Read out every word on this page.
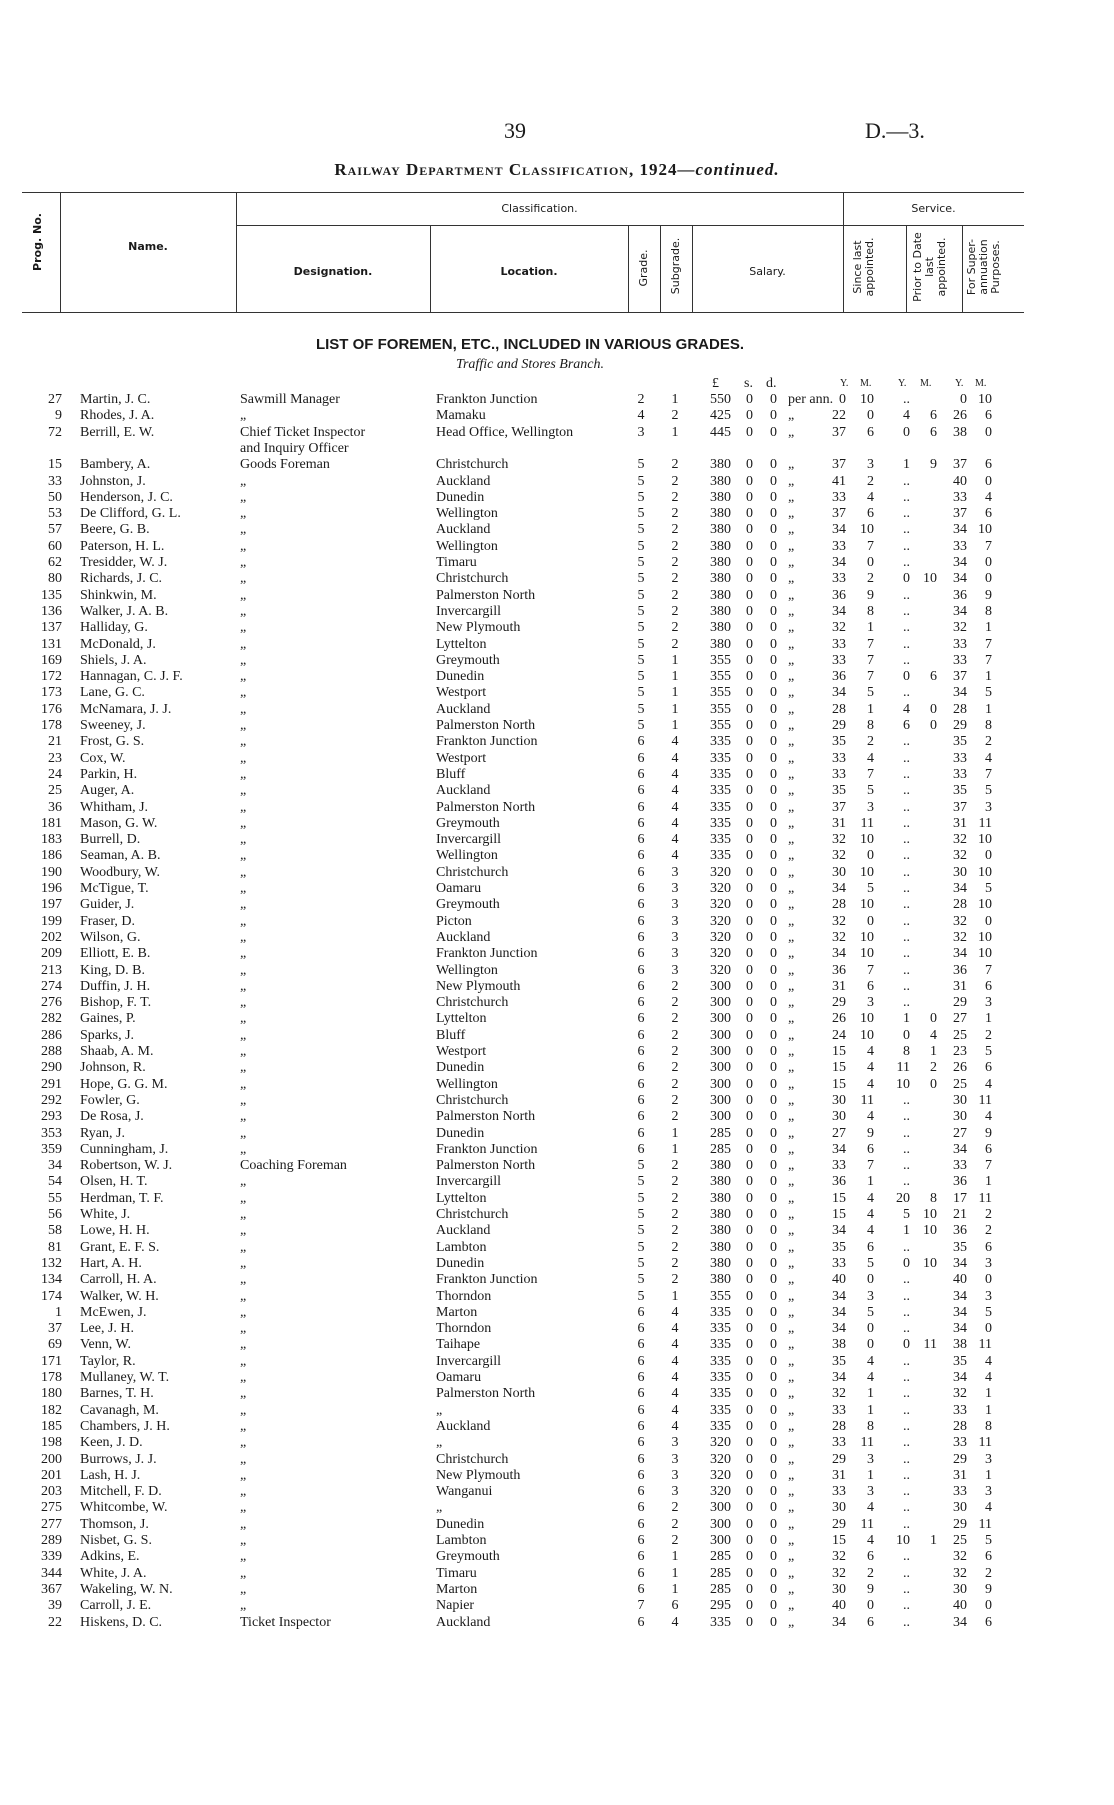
39	D.—3.
Railway Department Classification, 1924—continued.
Prog. No.	Name.
Classification.
Designation.	Location.	Grade. Subgrade.	Salary.
Service.
Since last appointed.	Prior to Date last appointed. For Super-annuation Purposes.
LIST OF FOREMEN, ETC., INCLUDED IN VARIOUS GRADES.
Traffic and Stores Branch.
£ s. d.	Y. M.	Y. M. Y. M.
27 Martin, J. C.	Sawmill Manager	Frankton Junction	2 1	550	0	0 per ann. 0	10	..	0 10
9 Rhodes, J. A.	„	Mamaku	4 2	425	0	0 „	22	0	4	6	26	6
72 Berrill, E. W.	Chief Ticket Inspector	Head Office, Wellington	3 1	445	0	0 „	37	6	0	6	38	0
and Inquiry Officer
15 Bambery, A.	Goods Foreman	Christchurch	5 2	380	0	0 „	37	3	1	9	37	6
33 Johnston, J.	„	Auckland	5 2	380	0	0 „	41	2	..	40	0
50 Henderson, J. C.	„	Dunedin	5 2	380	0	0 „	33	4	..	33	4
53 De Clifford, G. L.	„	Wellington	5 2	380	0	0 „	37	6	..	37	6
57 Beere, G. B.	„	Auckland	5 2	380	0	0 „	34	10	..	34 10
60 Paterson, H. L.	„	Wellington	5 2	380	0	0 „	33	7	..	33	7
62 Tresidder, W. J.	„	Timaru	5 2	380	0	0 „	34	0	..	34	0
80 Richards, J. C.	„	Christchurch	5 2	380	0	0 „	33	2	0 10	34	0
135 Shinkwin, M.	„	Palmerston North	5 2	380	0	0 „	36	9	..	36	9
136 Walker, J. A. B.	„	Invercargill	5 2	380	0	0 „	34	8	..	34	8
137 Halliday, G.	„	New Plymouth	5 2	380	0	0 „	32	1	..	32	1
131 McDonald, J.	„	Lyttelton	5 2	380	0	0 „	33	7	..	33	7
169 Shiels, J. A.	„	Greymouth	5 1	355	0	0 „	33	7	..	33	7
172 Hannagan, C. J. F.	„	Dunedin	5 1	355	0	0 „	36	7	0	6	37	1
173 Lane, G. C.	„	Westport	5 1	355	0	0 „	34	5	..	34	5
176 McNamara, J. J.	„	Auckland	5 1	355	0	0 „	28	1	4	0	28	1
178 Sweeney, J.	„	Palmerston North	5 1	355	0	0 „	29	8	6	0	29	8
21 Frost, G. S.	„	Frankton Junction	6 4	335	0	0 „	35	2	..	35	2
23 Cox, W.	„	Westport	6 4	335	0	0 „	33	4	..	33	4
24 Parkin, H.	„	Bluff	6 4	335	0	0 „	33	7	..	33	7
25 Auger, A.	„	Auckland	6 4	335	0	0 „	35	5	..	35	5
36 Whitham, J.	„	Palmerston North	6 4	335	0	0 „	37	3	..	37	3
181 Mason, G. W.	„	Greymouth	6 4	335	0	0 „	31	11	..	31 11
183 Burrell, D.	„	Invercargill	6 4	335	0	0 „	32	10	..	32 10
186 Seaman, A. B.	„	Wellington	6 4	335	0	0 „	32	0	..	32	0
190 Woodbury, W.	„	Christchurch	6 3	320	0	0 „	30	10	..	30 10
196 McTigue, T.	„	Oamaru	6 3	320	0	0 „	34	5	..	34	5
197 Guider, J.	„	Greymouth	6 3	320	0	0 „	28	10	..	28 10
199 Fraser, D.	„	Picton	6 3	320	0	0 „	32	0	..	32	0
202 Wilson, G.	„	Auckland	6 3	320	0	0 „	32	10	..	32 10
209 Elliott, E. B.	„	Frankton Junction	6 3	320	0	0 „	34	10	..	34 10
213 King, D. B.	„	Wellington	6 3	320	0	0 „	36	7	..	36	7
274 Duffin, J. H.	„	New Plymouth	6 2	300	0	0 „	31	6	..	31	6
276 Bishop, F. T.	„	Christchurch	6 2	300	0	0 „	29	3	..	29	3
282 Gaines, P.	„	Lyttelton	6 2	300	0	0 „	26	10	1	0	27	1
286 Sparks, J.	„	Bluff	6 2	300	0	0 „	24	10	0	4	25	2
288 Shaab, A. M.	„	Westport	6 2	300	0	0 „	15	4	8	1	23	5
290 Johnson, R.	„	Dunedin	6 2	300	0	0 „	15	4	11	2	26	6
291 Hope, G. G. M.	„	Wellington	6 2	300	0	0 „	15	4	10	0	25	4
292 Fowler, G.	„	Christchurch	6 2	300	0	0 „	30	11	..	30 11
293 De Rosa, J.	„	Palmerston North	6 2	300	0	0 „	30	4	..	30	4
353 Ryan, J.	„	Dunedin	6 1	285	0	0 „	27	9	..	27	9
359 Cunningham, J.	„	Frankton Junction	6 1	285	0	0 „	34	6	..	34	6
34 Robertson, W. J.	Coaching Foreman	Palmerston North	5 2	380	0	0 „	33	7	..	33	7
54 Olsen, H. T.	„	Invercargill	5 2	380	0	0 „	36	1	..	36	1
55 Herdman, T. F.	„	Lyttelton	5 2	380	0	0 „	15	4	20	8	17 11
56 White, J.	„	Christchurch	5 2	380	0	0 „	15	4	5 10	21	2
58 Lowe, H. H.	„	Auckland	5 2	380	0	0 „	34	4	1 10	36	2
81 Grant, E. F. S.	„	Lambton	5 2	380	0	0 „	35	6	..	35	6
132 Hart, A. H.	„	Dunedin	5 2	380	0	0 „	33	5	0 10	34	3
134 Carroll, H. A.	„	Frankton Junction	5 2	380	0	0 „	40	0	..	40	0
174 Walker, W. H.	„	Thorndon	5 1	355	0	0 „	34	3	..	34	3
1 McEwen, J.	„	Marton	6 4	335	0	0 „	34	5	..	34	5
37 Lee, J. H.	„	Thorndon	6 4	335	0	0 „	34	0	..	34	0
69 Venn, W.	„	Taihape	6 4	335	0	0 „	38	0	0 11	38 11
171 Taylor, R.	„	Invercargill	6 4	335	0	0 „	35	4	..	35	4
178 Mullaney, W. T.	„	Oamaru	6 4	335	0	0 „	34	4	..	34	4
180 Barnes, T. H.	„	Palmerston North	6 4	335	0	0 „	32	1	..	32	1
182 Cavanagh, M.	„	„	6 4	335	0	0 „	33	1	..	33	1
185 Chambers, J. H.	„	Auckland	6 4	335	0	0 „	28	8	..	28	8
198 Keen, J. D.	„	„	6 3	320	0	0 „	33	11	..	33 11
200 Burrows, J. J.	„	Christchurch	6 3	320	0	0 „	29	3	..	29	3
201 Lash, H. J.	„	New Plymouth	6 3	320	0	0 „	31	1	..	31	1
203 Mitchell, F. D.	„	Wanganui	6 3	320	0	0 „	33	3	..	33	3
275 Whitcombe, W.	„	„	6 2	300	0	0 „	30	4	..	30	4
277 Thomson, J.	„	Dunedin	6 2	300	0	0 „	29	11	..	29 11
289 Nisbet, G. S.	„	Lambton	6 2	300	0	0 „	15	4	10	1	25	5
339 Adkins, E.	„	Greymouth	6 1	285	0	0 „	32	6	..	32	6
344 White, J. A.	„	Timaru	6 1	285	0	0 „	32	2	..	32	2
367 Wakeling, W. N.	„	Marton	6 1	285	0	0 „	30	9	..	30	9
39 Carroll, J. E.	„	Napier	7 6	295	0	0 „	40	0	..	40	0
22 Hiskens, D. C.	Ticket Inspector	Auckland	6 4	335	0	0 „	34	6	..	34	6
